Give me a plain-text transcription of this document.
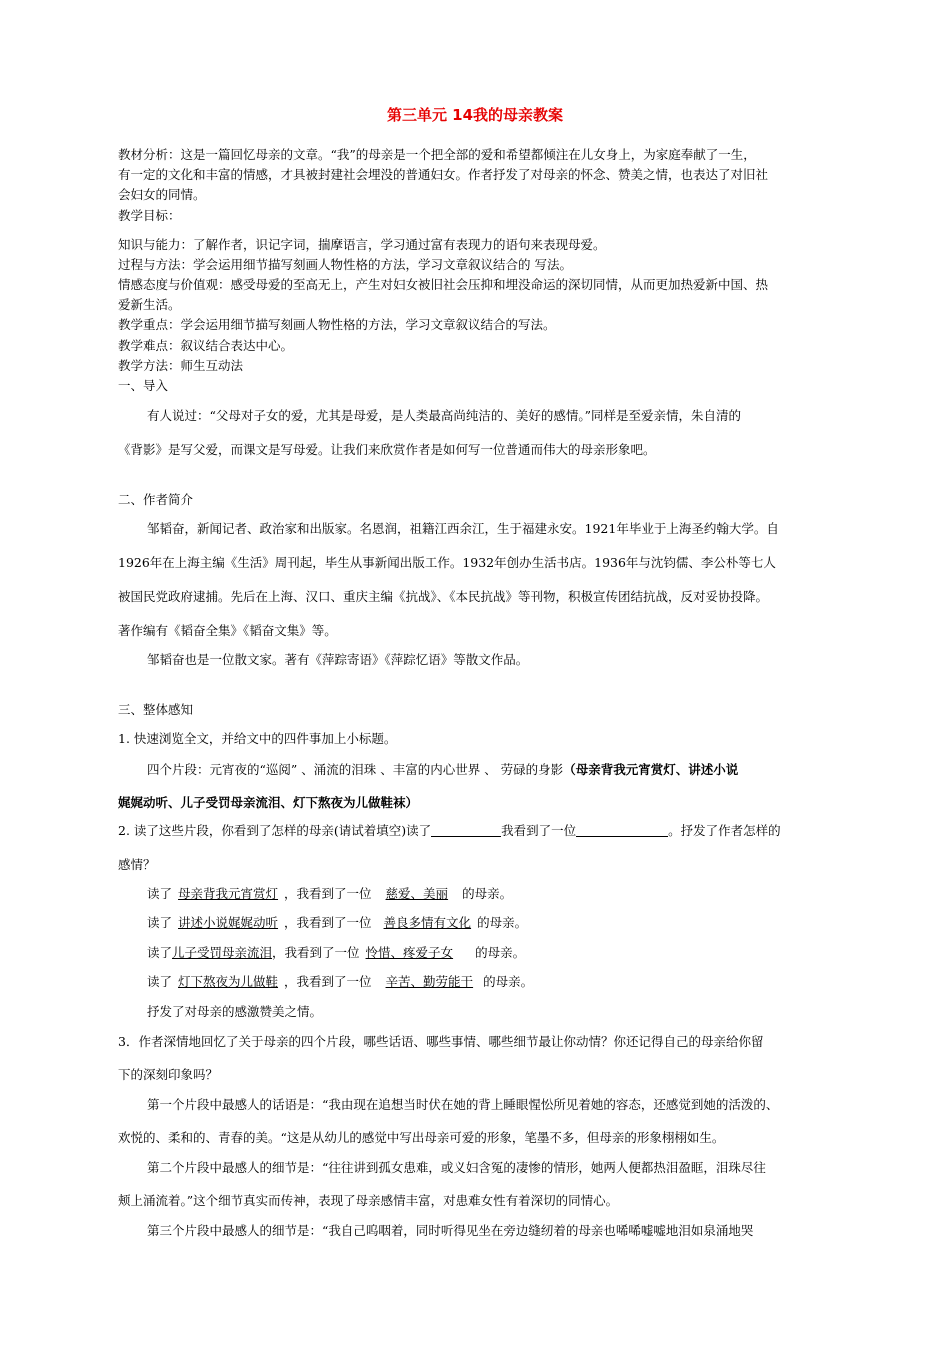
第三单元 14我的母亲教案
教材分析：这是一篇回忆母亲的文章。“我”的母亲是一个把全部的爱和希望都倾注在儿女身上，为家庭奉献了一生，
有一定的文化和丰富的情感，才具被封建社会埋没的普通妇女。作者抒发了对母亲的怀念、赞美之情，也表达了对旧社
会妇女的同情。
教学目标：
知识与能力：了解作者，识记字词，揣摩语言，学习通过富有表现力的语句来表现母爱。
过程与方法：学会运用细节描写刻画人物性格的方法，学习文章叙议结合的 写法。
情感态度与价值观：感受母爱的至高无上，产生对妇女被旧社会压抑和埋没命运的深切同情，从而更加热爱新中国、热
爱新生活。
教学重点：学会运用细节描写刻画人物性格的方法，学习文章叙议结合的写法。
教学难点：叙议结合表达中心。
教学方法：师生互动法
一、导入
有人说过：“父母对子女的爱，尤其是母爱，是人类最高尚纯洁的、美好的感情。”同样是至爱亲情，朱自清的
《背影》是写父爱，而课文是写母爱。让我们来欣赏作者是如何写一位普通而伟大的母亲形象吧。
二、作者简介
邹韬奋，新闻记者、政治家和出版家。名恩润，祖籍江西余江，生于福建永安。1921年毕业于上海圣约翰大学。自
1926年在上海主编《生活》周刊起，毕生从事新闻出版工作。1932年创办生活书店。1936年与沈钧儒、李公朴等七人
被国民党政府逮捕。先后在上海、汉口、重庆主编《抗战》、《本民抗战》等刊物，积极宣传团结抗战，反对妥协投降。
著作编有《韬奋全集》《韬奋文集》等。
邹韬奋也是一位散文家。著有《萍踪寄语》《萍踪忆语》等散文作品。
三、整体感知
1. 快速浏览全文，并给文中的四件事加上小标题。
四个片段：元宵夜的“巡阅” 、涌流的泪珠 、丰富的内心世界 、 劳碌的身影（母亲背我元宵赏灯、讲述小说
娓娓动听、儿子受罚母亲流泪、灯下熬夜为儿做鞋袜）
2. 读了这些片段，你看到了怎样的母亲(请试着填空)读了	我看到了一位	。抒发了作者怎样的
感情？
读了 母亲背我元宵赏灯 ，我看到了一位 慈爱、美丽 的母亲。
读了 讲述小说娓娓动听 ，我看到了一位 善良多情有文化 的母亲。
读了儿子受罚母亲流泪，我看到了一位 怜惜、疼爱子女 的母亲。
读了 灯下熬夜为儿做鞋 ，我看到了一位 辛苦、勤劳能干 的母亲。
抒发了对母亲的感激赞美之情。
3．作者深情地回忆了关于母亲的四个片段，哪些话语、哪些事情、哪些细节最让你动情？你还记得自己的母亲给你留
下的深刻印象吗？
第一个片段中最感人的话语是：“我由现在追想当时伏在她的背上睡眼惺忪所见着她的容态，还感觉到她的活泼的、
欢悦的、柔和的、青春的美。“这是从幼儿的感觉中写出母亲可爱的形象，笔墨不多，但母亲的形象栩栩如生。
第二个片段中最感人的细节是：“往往讲到孤女患难，或义妇含冤的凄惨的情形，她两人便都热泪盈眶，泪珠尽往
颊上涌流着。”这个细节真实而传神，表现了母亲感情丰富，对患难女性有着深切的同情心。
第三个片段中最感人的细节是：“我自己呜咽着，同时听得见坐在旁边缝纫着的母亲也唏唏嘘嘘地泪如泉涌地哭
